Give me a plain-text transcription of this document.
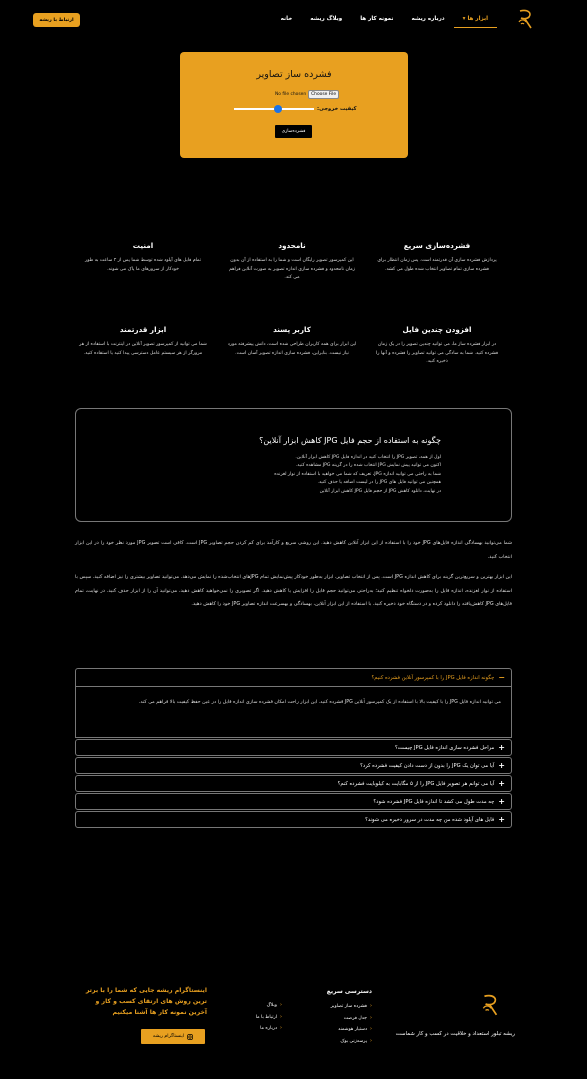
خانه	وبلاگ ریشه	نمونه کار ها	درباره ریشه	ابزار ها ▾
ارتباط با ریشه
فشرده ساز تصاویر
No file chosen	Choose File
کیفیت خروجی:
فشرده‌سازی
فشرده‌سازی سریع

پردازش فشرده سازی آن قدرتمند است. پس زمان انتظار برای فشرده سازی تمام تصاویر انتخاب شده طول می کشد.

نامحدود

این کمپرسور تصویر رایگان است و شما را به استفاده از آن بدون زمان نامحدود و فشرده سازی اندازه تصویر به صورت آنلاین فراهم می کند.

امنیت

تمام فایل های آپلود شده توسط شما پس از ۲ ساعت به طور خودکار از سرورهای ما پاک می شوند.

افزودن چندین فایل

در ابزار فشرده ساز ما، می توانید چندین تصویر را در یک زمان فشرده کنید. شما به سادگی می توانید تصاویر را فشرده و آنها را ذخیره کنید.

کاربر پسند

این ابزار برای همه کاربران طراحی شده است، دانش پیشرفته مورد نیاز نیست. بنابراین، فشرده سازی اندازه تصویر آسان است.

ابزار قدرتمند

شما می توانید از کمپرسور تصویر آنلاین در اینترنت با استفاده از هر مرورگر از هر سیستم عامل دسترسی پیدا کنید یا استفاده کنید.

چگونه به استفاده از حجم فایل JPG کاهش ابزار آنلاین؟

اول از همه، تصویر JPG را انتخاب کنید در اندازه فایل JPG کاهش ابزار آنلاین.

اکنون می توانید پیش نمایش JPG انتخاب شده را در گزینه JPG مشاهده کنید.

شما به راحتی می توانید اندازه JPG، تعریف که شما می خواهید با استفاده از نوار لغزنده

همچنین می توانید فایل های JPG را در لیست اضافه یا حذف کنید.

در نهایت، دانلود کاهش JPG از حجم فایل JPG کاهش ابزار آنلاین

شما می‌توانید بهسادگی اندازه فایل‌های JPG خود را با استفاده از این ابزار آنلاین کاهش دهید. این روشی سریع و کارآمد برای کم کردن حجم تصاویر JPG است. کافی است تصویر JPG مورد نظر خود را در این ابزار انتخاب کنید.
این ابزار بهترین و سریع‌ترین گزینه برای کاهش اندازه JPG است. پس از انتخاب تصاویر، ابزار به‌طور خودکار پیش‌نمایش تمام JPGهای انتخاب‌شده را نمایش می‌دهد. می‌توانید تصاویر بیشتری را نیز اضافه کنید. سپس با استفاده از نوار لغزنده، اندازه فایل را به‌صورت دلخواه تنظیم کنید؛ به‌راحتی می‌توانید حجم فایل را افزایش یا کاهش دهید. اگر تصویری را نمی‌خواهید کاهش دهید، می‌توانید آن را از ابزار حذف کنید. در نهایت، تمام فایل‌های JPG کاهش‌یافته را دانلود کرده و در دستگاه خود ذخیره کنید. با استفاده از این ابزار آنلاین، بهسادگی و بهسرعت اندازه تصاویر JPG خود را کاهش دهید.
−
چگونه اندازه فایل JPG را با کمپرسور آنلاین فشرده کنیم؟
می توانید اندازه فایل JPG را با کیفیت بالا با استفاده از یک کمپرسور آنلاین JPG فشرده کنید. این ابزار راحت امکان فشرده سازی اندازه فایل را در عین حفظ کیفیت بالا فراهم می کند.
+
مراحل فشرده سازی اندازه فایل JPG چیست؟
+
آیا می توان یک JPG را بدون از دست دادن کیفیت فشرده کرد؟
+
آیا می توانم هر تصویر فایل JPG را از ۵ مگابایت به کیلوبایت فشرده کنم؟
+
چه مدت طول می کشد تا اندازه فایل JPG فشرده شود؟
+
فایل های آپلود شده من چه مدت در سرور ذخیره می شوند؟
ریشه تبلور استعداد و خلاقیت در کسب و کار شماست
دسترسی سریع
‹فشرده ساز تصاویر
‹جدل فرصت
‹دستیار هوشمند
‹پرسه‌زنی بوک
‹وبلاگ
‹ارتباط با ما
‹درباره ما
اینستاگرام ریشه جایی که شما را با برتر ترین روش های ارتقای کسب و کار و آخرین نمونه کار ها آشنا میکنیم
اینستاگرام ریشه
